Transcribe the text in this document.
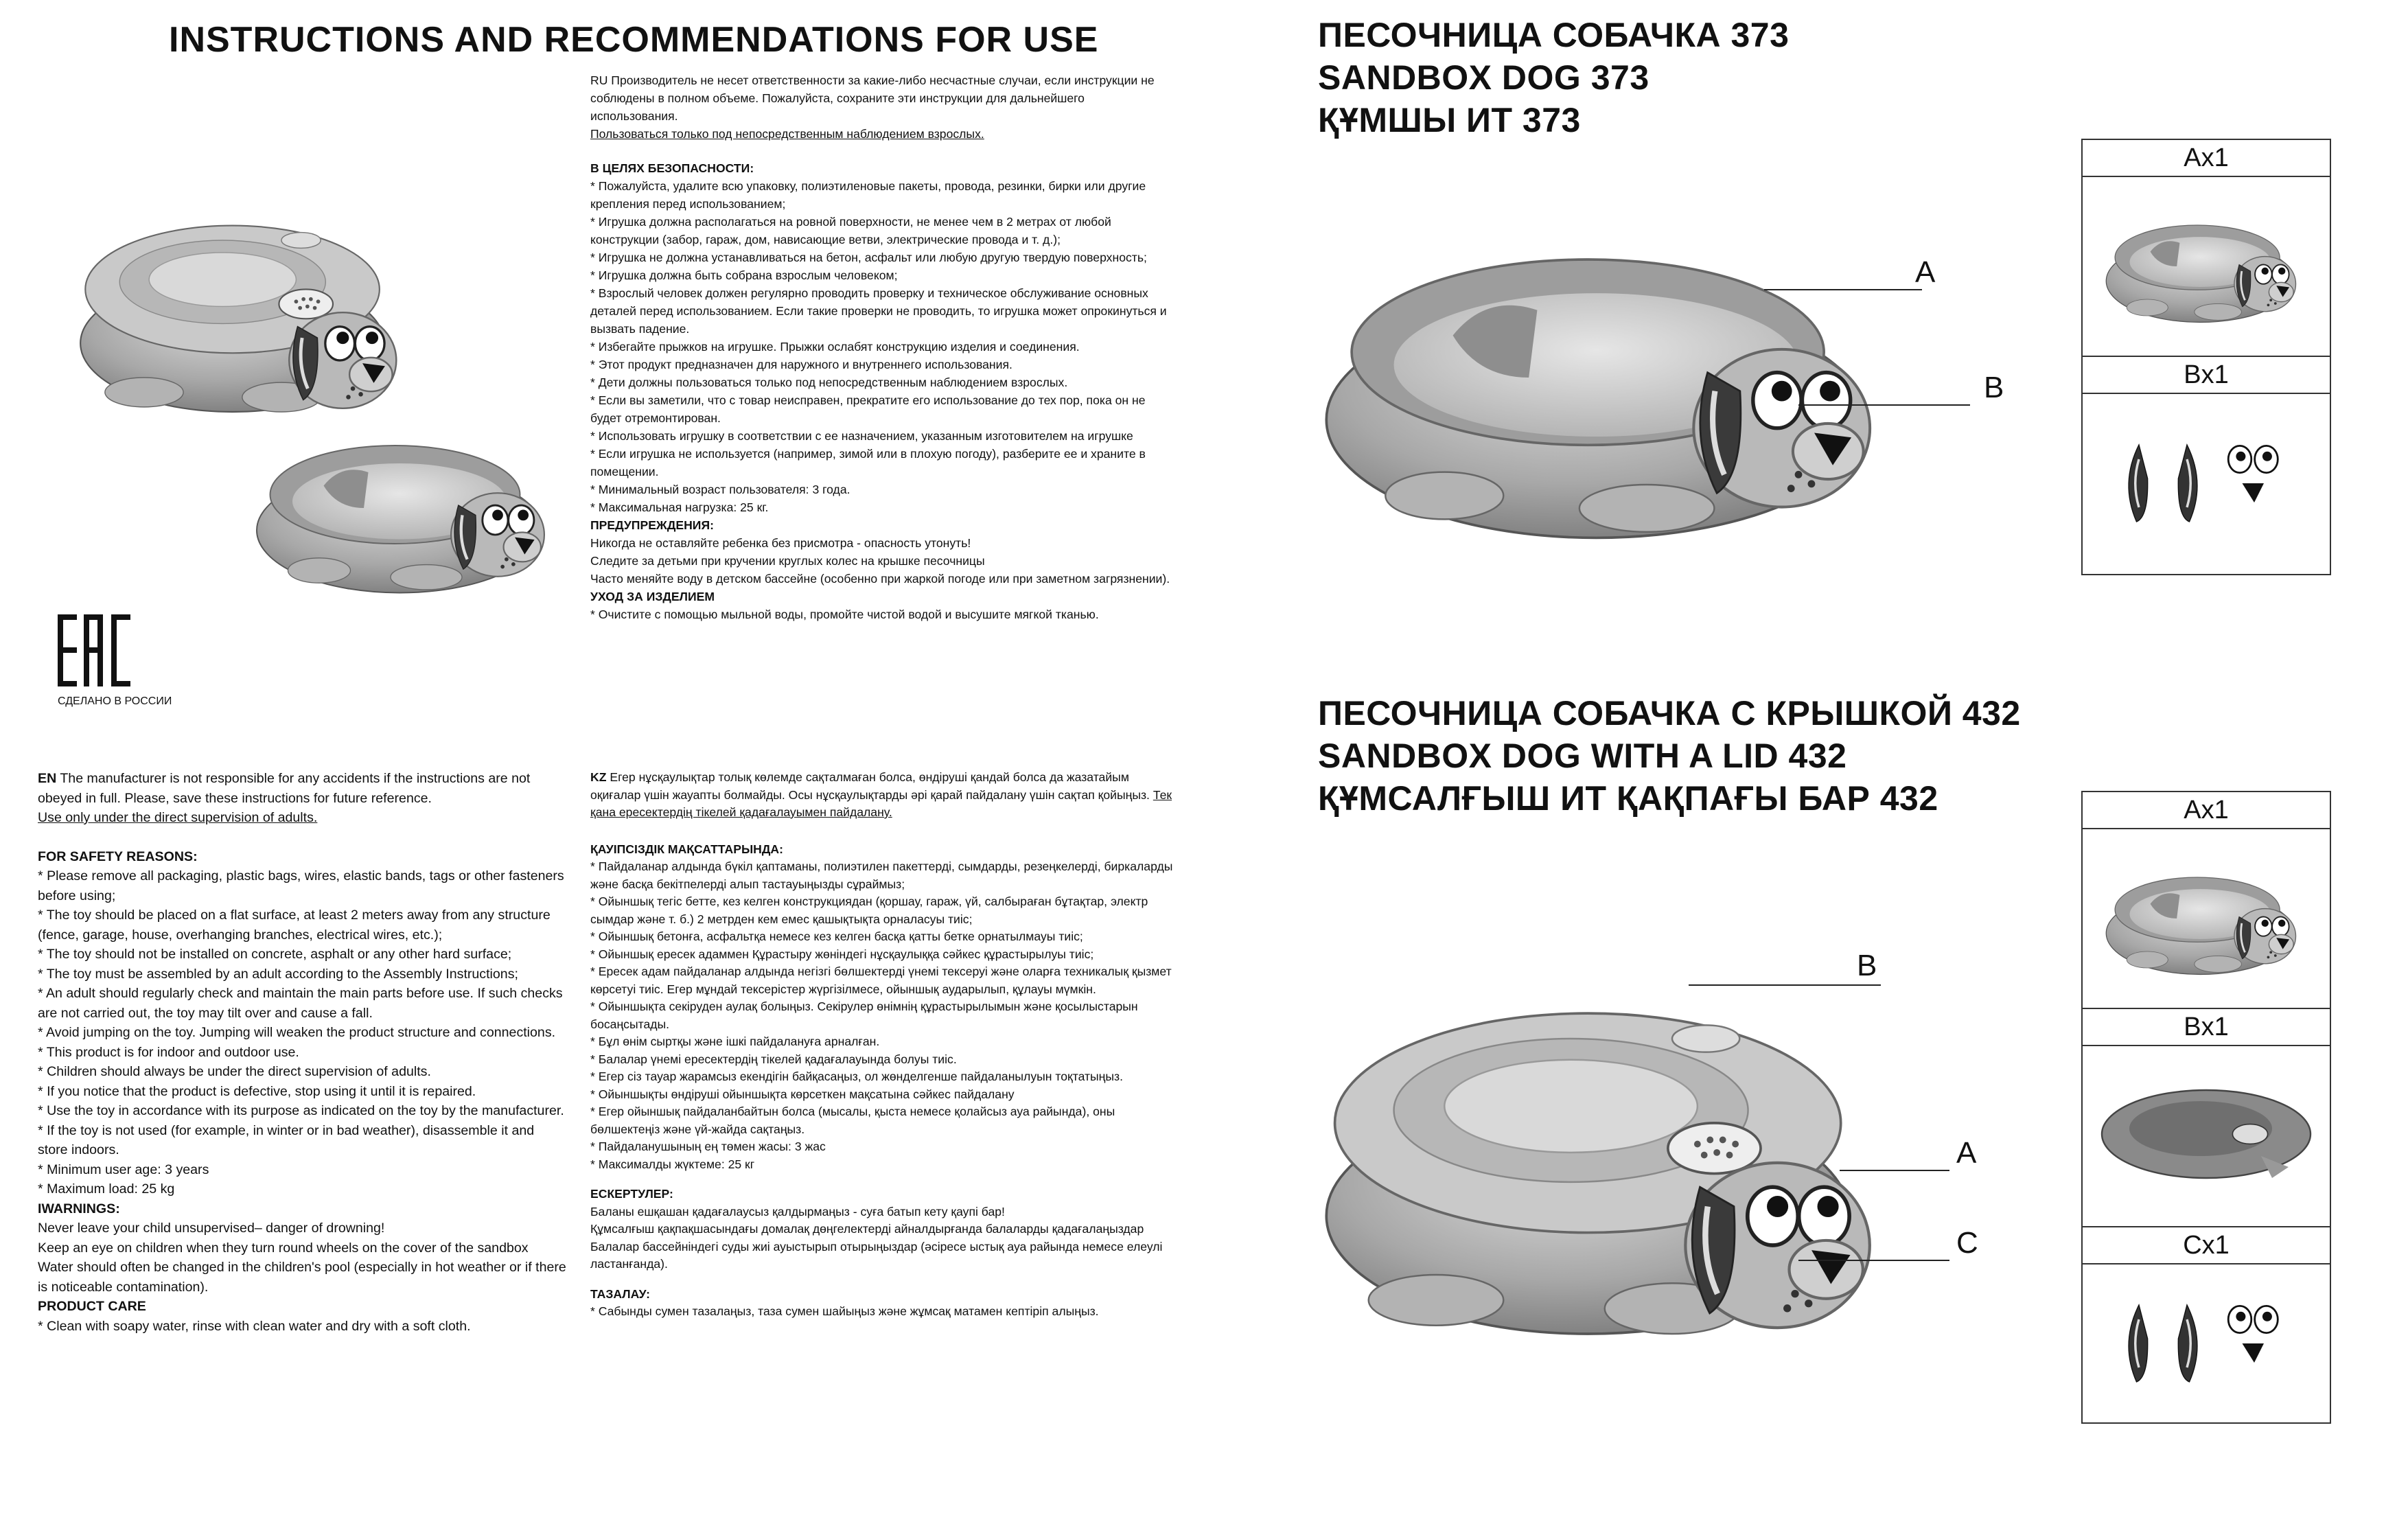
INSTRUCTIONS AND RECOMMENDATIONS FOR USE
СДЕЛАНО В РОССИИ

RU Производитель не несет ответственности за какие-либо несчастные случаи, если инструкции не соблюдены в полном объеме. Пожалуйста, сохраните эти инструкции для дальнейшего использования.

Пользоваться только под непосредственным наблюдением взрослых.

В ЦЕЛЯХ БЕЗОПАСНОСТИ:

* Пожалуйста, удалите всю упаковку, полиэтиленовые пакеты, провода, резинки, бирки или другие крепления перед использованием;

* Игрушка должна располагаться на ровной поверхности, не менее чем в 2 метрах от любой конструкции (забор, гараж, дом, нависающие ветви, электрические провода и т. д.);

* Игрушка не должна устанавливаться на бетон, асфальт или любую другую твердую поверхность;

* Игрушка должна быть собрана взрослым человеком;

* Взрослый человек должен регулярно проводить проверку и техническое обслуживание основных деталей перед использованием. Если такие проверки не проводить, то игрушка может опрокинуться и вызвать падение.

* Избегайте прыжков на игрушке. Прыжки ослабят конструкцию изделия и соединения.

* Этот продукт предназначен для наружного и внутреннего использования.

* Дети должны пользоваться только под непосредственным наблюдением взрослых.

* Если вы заметили, что с товар неисправен, прекратите его использование до тех пор, пока он не будет отремонтирован.

* Использовать игрушку в соответствии с ее назначением, указанным изготовителем на игрушке

* Если игрушка не используется (например, зимой или в плохую погоду), разберите ее и храните в помещении.

* Минимальный возраст пользователя: 3 года.

* Максимальная нагрузка: 25 кг.

ПРЕДУПРЕЖДЕНИЯ:

Никогда не оставляйте ребенка без присмотра - опасность утонуть!

Следите за детьми при кручении круглых колес на крышке песочницы

Часто меняйте воду в детском бассейне (особенно при жаркой погоде или при заметном загрязнении).

УХОД ЗА ИЗДЕЛИЕМ

* Очистите с помощью мыльной воды, промойте чистой водой и высушите мягкой тканью.

EN The manufacturer is not responsible for any accidents if the instructions are not obeyed in full. Please, save these instructions for future reference.

Use only under the direct supervision of adults.

FOR SAFETY REASONS:

* Please remove all packaging, plastic bags, wires, elastic bands, tags or other fasteners before using;

* The toy should be placed on a flat surface, at least 2 meters away from any structure (fence, garage, house, overhanging branches, electrical wires, etc.);

* The toy should not be installed on concrete, asphalt or any other hard surface;

* The toy must be assembled by an adult according to the Assembly Instructions;

* An adult should regularly check and maintain the main parts before use. If such checks are not carried out, the toy may tilt over and cause a fall.

* Avoid jumping on the toy. Jumping will weaken the product structure and connections.

* This product is for indoor and outdoor use.

* Children should always be under the direct supervision of adults.

* If you notice that the product is defective, stop using it until it is repaired.

* Use the toy in accordance with its purpose as indicated on the toy by the manufacturer.

* If the toy is not used (for example, in winter or in bad weather), disassemble it and store indoors.

* Minimum user age: 3 years

* Maximum load: 25 kg

IWARNINGS:

Never leave your child unsupervised– danger of drowning!

Keep an eye on children when they turn round wheels on the cover of the sandbox

Water should often be changed in the children's pool (especially in hot weather or if there is noticeable contamination).

PRODUCT CARE

* Clean with soapy water, rinse with clean water and dry with a soft cloth.

KZ Егер нұсқаулықтар толық көлемде сақталмаған болса, өндіруші қандай болса да жазатайым оқиғалар үшін жауапты болмайды. Осы нұсқаулықтарды әрі қарай пайдалану үшін сақтап қойыңыз. Тек қана ересектердің тікелей қадағалауымен пайдалану.

ҚАУІПСІЗДІК МАҚСАТТАРЫНДА:

* Пайдаланар алдында бүкіл қаптаманы, полиэтилен пакеттерді, сымдарды, резеңкелерді, биркаларды және басқа бекітпелерді алып тастауыңызды сұраймыз;

* Ойыншық тегіс бетте, кез келген конструкциядан (қоршау, гараж, үй, салбыраған бұтақтар, электр сымдар және т. б.) 2 метрден кем емес қашықтықта орналасуы тиіс;

* Ойыншық бетонға, асфальтқа немесе кез келген басқа қатты бетке орнатылмауы тиіс;

* Ойыншық ересек адаммен Құрастыру жөніндегі нұсқаулыққа сәйкес құрастырылуы тиіс;

* Ересек адам пайдаланар алдында негізгі бөлшектерді үнемі тексеруі және оларға техникалық қызмет көрсетуі тиіс. Егер мұндай тексерістер жүргізілмесе, ойыншық аударылып, құлауы мүмкін.

* Ойыншықта секіруден аулақ болыңыз. Секірулер өнімнің құрастырылымын және қосылыстарын босаңсытады.

* Бұл өнім сыртқы және ішкі пайдалануға арналған.

* Балалар үнемі ересектердің тікелей қадағалауында болуы тиіс.

* Егер сіз тауар жарамсыз екендігін байқасаңыз, ол жөнделгенше пайдаланылуын тоқтатыңыз.

* Ойыншықты өндіруші ойыншықта көрсеткен мақсатына сәйкес пайдалану

* Егер ойыншық пайдаланбайтын болса (мысалы, қыста немесе қолайсыз ауа райында), оны бөлшектеңіз және үй-жайда сақтаңыз.

* Пайдаланушының ең төмен жасы: 3 жас

* Максималды жүктеме: 25 кг

ЕСКЕРТУЛЕР:

Баланы ешқашан қадағалаусыз қалдырмаңыз - суға батып кету қаупі бар!

Құмсалғыш қақпақшасындағы домалақ дөңгелектерді айналдырғанда балаларды қадағалаңыздар

Балалар бассейніндегі суды жиі ауыстырып отырыңыздар (әсіресе ыстық ауа райында немесе елеулі ластанғанда).

ТАЗАЛАУ:

* Сабынды сумен тазалаңыз, таза сумен шайыңыз және жұмсақ матамен кептіріп алыңыз.

ПЕСОЧНИЦА СОБАЧКА 373
SANDBOX DOG 373
ҚҰМШЫ ИТ 373
A
B
Ax1
Bx1
ПЕСОЧНИЦА СОБАЧКА С КРЫШКОЙ 432
SANDBOX DOG WITH A LID 432
ҚҰМСАЛҒЫШ ИТ ҚАҚПАҒЫ БАР 432
B
A
C
Ax1
Bx1
Cx1
